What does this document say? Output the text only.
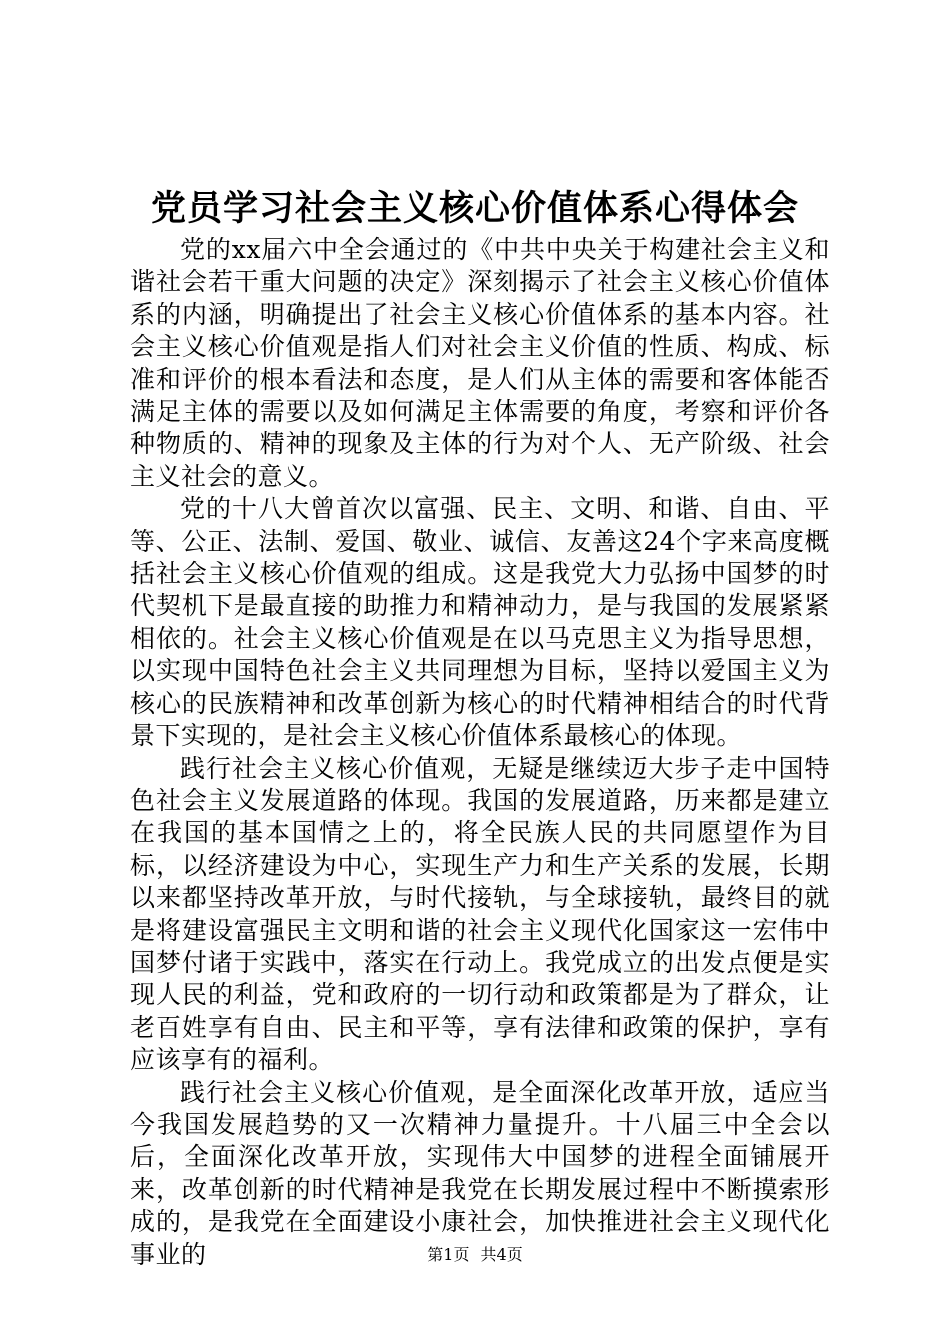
党员学习社会主义核心价值体系心得体会

党的xx届六中全会通过的《中共中央关于构建社会主义和谐社会若干重大问题的决定》深刻揭示了社会主义核心价值体系的内涵，明确提出了社会主义核心价值体系的基本内容。社会主义核心价值观是指人们对社会主义价值的性质、构成、标准和评价的根本看法和态度，是人们从主体的需要和客体能否满足主体的需要以及如何满足主体需要的角度，考察和评价各种物质的、精神的现象及主体的行为对个人、无产阶级、社会主义社会的意义。

党的十八大曾首次以富强、民主、文明、和谐、自由、平等、公正、法制、爱国、敬业、诚信、友善这24个字来高度概括社会主义核心价值观的组成。这是我党大力弘扬中国梦的时代契机下是最直接的助推力和精神动力，是与我国的发展紧紧相依的。社会主义核心价值观是在以马克思主义为指导思想，以实现中国特色社会主义共同理想为目标，坚持以爱国主义为核心的民族精神和改革创新为核心的时代精神相结合的时代背景下实现的，是社会主义核心价值体系最核心的体现。

践行社会主义核心价值观，无疑是继续迈大步子走中国特色社会主义发展道路的体现。我国的发展道路，历来都是建立在我国的基本国情之上的，将全民族人民的共同愿望作为目标，以经济建设为中心，实现生产力和生产关系的发展，长期以来都坚持改革开放，与时代接轨，与全球接轨，最终目的就是将建设富强民主文明和谐的社会主义现代化国家这一宏伟中国梦付诸于实践中，落实在行动上。我党成立的出发点便是实现人民的利益，党和政府的一切行动和政策都是为了群众，让老百姓享有自由、民主和平等，享有法律和政策的保护，享有应该享有的福利。

践行社会主义核心价值观，是全面深化改革开放，适应当今我国发展趋势的又一次精神力量提升。十八届三中全会以后，全面深化改革开放，实现伟大中国梦的进程全面铺展开来，改革创新的时代精神是我党在长期发展过程中不断摸索形成的，是我党在全面建设小康社会，加快推进社会主义现代化事业的	第1页 共4页
